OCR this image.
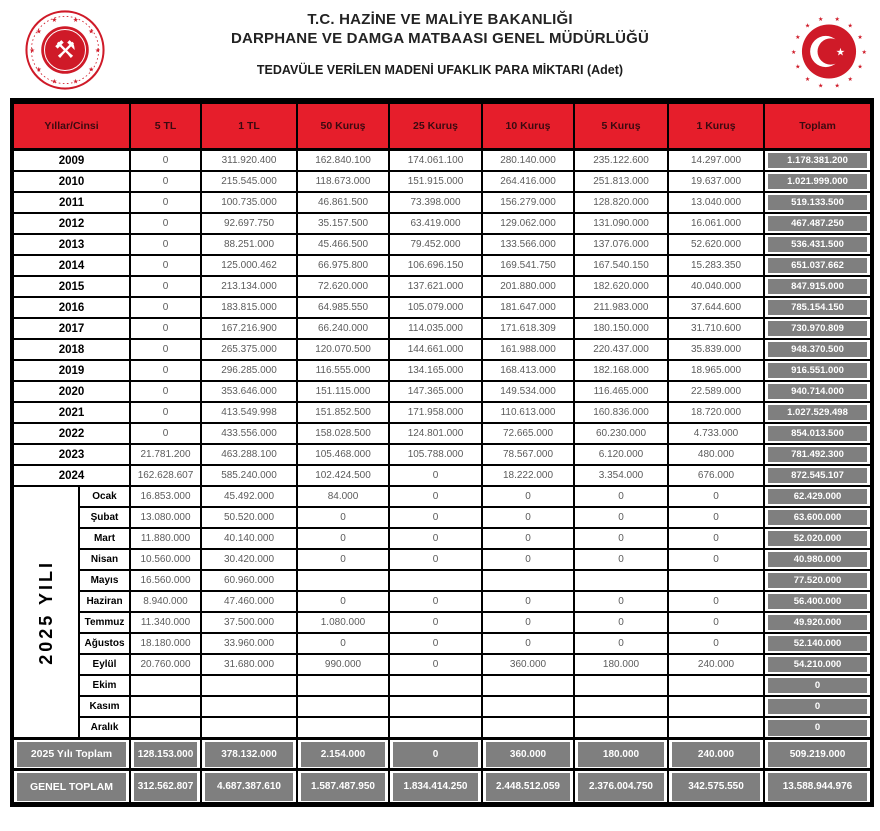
★
★
★
★
★
★
★
★ ★
★
⚒
T.C. HAZİNE VE MALİYE BAKANLIĞI
DARPHANE VE DAMGA MATBAASI GENEL MÜDÜRLÜĞÜ
TEDAVÜLE VERİLEN MADENİ UFAKLIK PARA MİKTARI (Adet)
★
★
★
★
★
★
★
★
★
★
★ ★
★
★
★
Yıllar/Cinsi		5 TL	1 TL	50 Kuruş	25 Kuruş	10 Kuruş	5 Kuruş	1 Kuruş	Toplam
2009		0	311.920.400	162.840.100	174.061.100	280.140.000	235.122.600	14.297.000	1.178.381.200
2010		0	215.545.000	118.673.000	151.915.000	264.416.000	251.813.000	19.637.000	1.021.999.000
2011		0	100.735.000	46.861.500	73.398.000	156.279.000	128.820.000	13.040.000	519.133.500
2012		0	92.697.750	35.157.500	63.419.000	129.062.000	131.090.000	16.061.000	467.487.250
2013		0	88.251.000	45.466.500	79.452.000	133.566.000	137.076.000	52.620.000	536.431.500
2014		0	125.000.462	66.975.800	106.696.150	169.541.750	167.540.150	15.283.350	651.037.662
2015		0	213.134.000	72.620.000	137.621.000	201.880.000	182.620.000	40.040.000	847.915.000
2016		0	183.815.000	64.985.550	105.079.000	181.647.000	211.983.000	37.644.600	785.154.150
2017		0	167.216.900	66.240.000	114.035.000	171.618.309	180.150.000	31.710.600	730.970.809
2018		0	265.375.000	120.070.500	144.661.000	161.988.000	220.437.000	35.839.000	948.370.500
2019		0	296.285.000	116.555.000	134.165.000	168.413.000	182.168.000	18.965.000	916.551.000
2020		0	353.646.000	151.115.000	147.365.000	149.534.000	116.465.000	22.589.000	940.714.000
2021		0	413.549.998	151.852.500	171.958.000	110.613.000	160.836.000	18.720.000	1.027.529.498
2022		0	433.556.000	158.028.500	124.801.000	72.665.000	60.230.000	4.733.000	854.013.500
2023		21.781.200	463.288.100	105.468.000	105.788.000	78.567.000	6.120.000	480.000	781.492.300
2024		162.628.607	585.240.000	102.424.500	0	18.222.000	3.354.000	676.000	872.545.107

2025 YILI	Ocak	16.853.000	45.492.000	84.000	0	0	0	0	62.429.000
	Şubat	13.080.000	50.520.000	0	0	0	0	0	63.600.000
	Mart	11.880.000	40.140.000	0	0	0	0	0	52.020.000
	Nisan	10.560.000	30.420.000	0	0	0	0	0	40.980.000
	Mayıs	16.560.000	60.960.000						77.520.000
	Haziran	8.940.000	47.460.000	0	0	0	0	0	56.400.000
	Temmuz	11.340.000	37.500.000	1.080.000	0	0	0	0	49.920.000
	Ağustos	18.180.000	33.960.000	0	0	0	0	0	52.140.000
	Eylül	20.760.000	31.680.000	990.000	0	360.000	180.000	240.000	54.210.000
	Ekim								0
	Kasım								0
	Aralık								0
2025 Yılı Toplam		128.153.000	378.132.000	2.154.000	0	360.000	180.000	240.000	509.219.000
GENEL TOPLAM		312.562.807	4.687.387.610	1.587.487.950	1.834.414.250	2.448.512.059	2.376.004.750	342.575.550	13.588.944.976
